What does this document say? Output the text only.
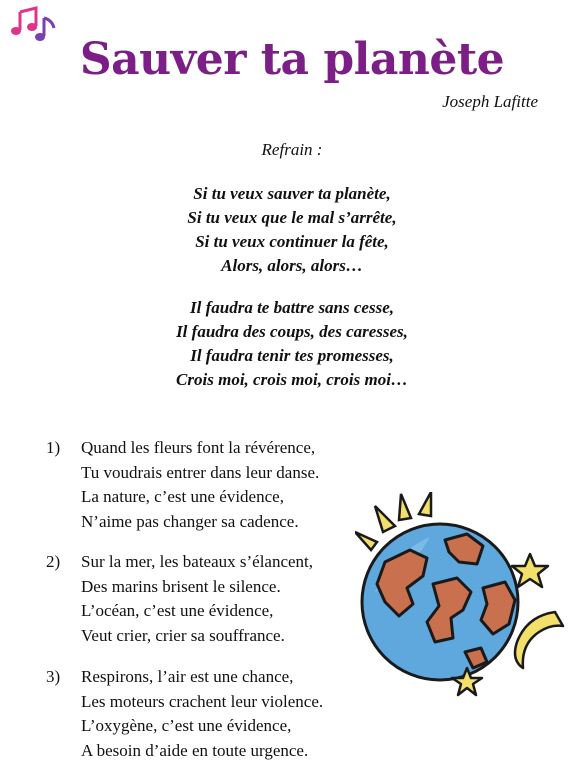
Sauver ta planète
Joseph Lafitte
Refrain :
Si tu veux sauver ta planète,
Si tu veux que le mal s’arrête,
Si tu veux continuer la fête,
Alors, alors, alors…
Il faudra te battre sans cesse,
Il faudra des coups, des caresses,
Il faudra tenir tes promesses,
Crois moi, crois moi, crois moi…
1) Quand les fleurs font la révérence,
Tu voudrais entrer dans leur danse.
La nature, c’est une évidence,
N’aime pas changer sa cadence.
2) Sur la mer, les bateaux s’élancent,
Des marins brisent le silence.
L’océan, c’est une évidence,
Veut crier, crier sa souffrance.
3) Respirons, l’air est une chance,
Les moteurs crachent leur violence.
L’oxygène, c’est une évidence,
A besoin d’aide en toute urgence.
